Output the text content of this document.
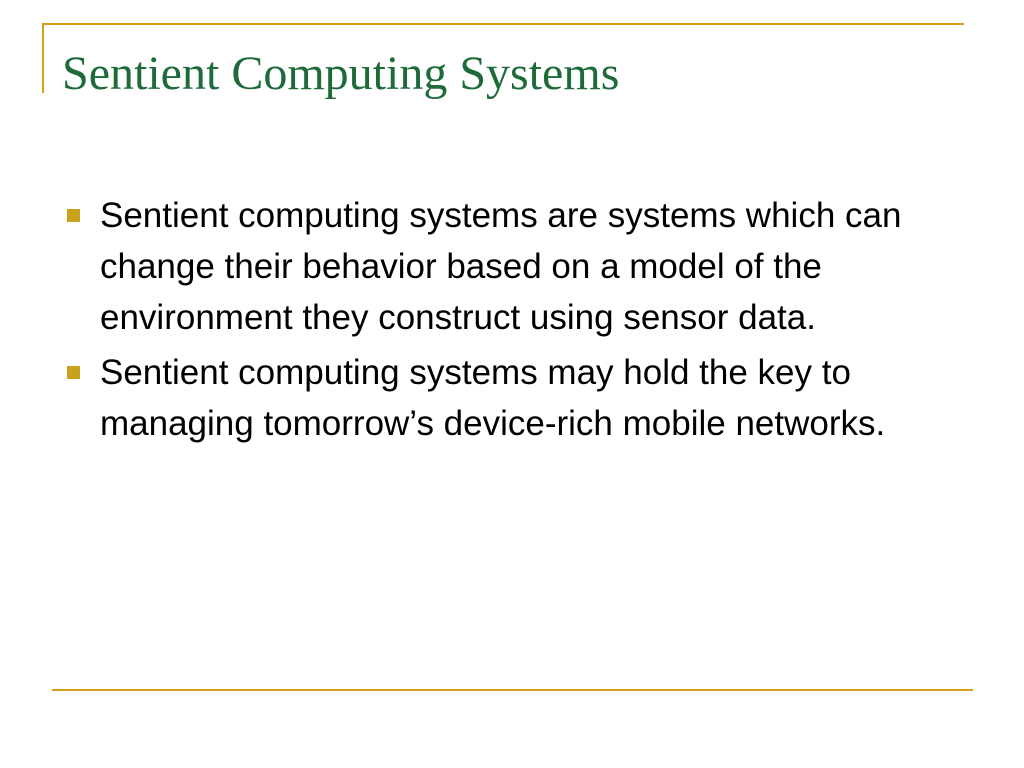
Sentient Computing Systems
Sentient computing systems are systems which can change their behavior based on a model of the environment they construct using sensor data.
Sentient computing systems may hold the key to managing tomorrow’s device-rich mobile networks.
